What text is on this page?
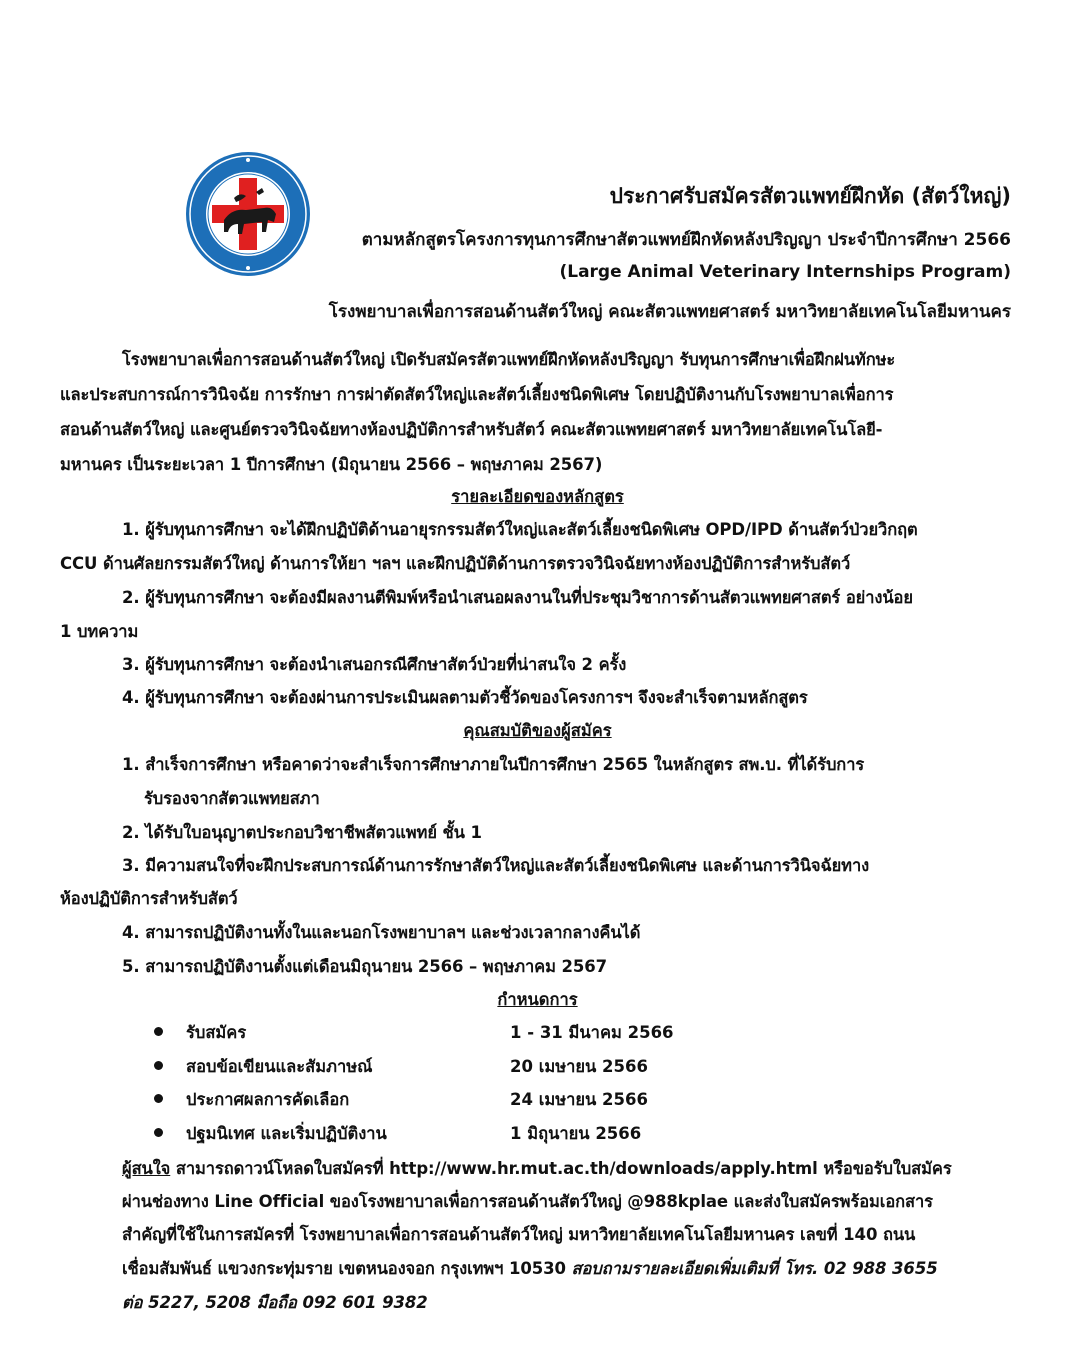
ประกาศรับสมัครสัตวแพทย์ฝึกหัด (สัตว์ใหญ่)
ตามหลักสูตรโครงการทุนการศึกษาสัตวแพทย์ฝึกหัดหลังปริญญา ประจำปีการศึกษา 2566
(Large Animal Veterinary Internships Program)
โรงพยาบาลเพื่อการสอนด้านสัตว์ใหญ่ คณะสัตวแพทยศาสตร์ มหาวิทยาลัยเทคโนโลยีมหานคร
โรงพยาบาลเพื่อการสอนด้านสัตว์ใหญ่ เปิดรับสมัครสัตวแพทย์ฝึกหัดหลังปริญญา รับทุนการศึกษาเพื่อฝึกฝนทักษะ
และประสบการณ์การวินิจฉัย การรักษา การผ่าตัดสัตว์ใหญ่และสัตว์เลี้ยงชนิดพิเศษ โดยปฏิบัติงานกับโรงพยาบาลเพื่อการ
สอนด้านสัตว์ใหญ่ และศูนย์ตรวจวินิจฉัยทางห้องปฏิบัติการสำหรับสัตว์ คณะสัตวแพทยศาสตร์ มหาวิทยาลัยเทคโนโลยี-
มหานคร เป็นระยะเวลา 1 ปีการศึกษา (มิถุนายน 2566 – พฤษภาคม 2567)
รายละเอียดของหลักสูตร
1. ผู้รับทุนการศึกษา จะได้ฝึกปฏิบัติด้านอายุรกรรมสัตว์ใหญ่และสัตว์เลี้ยงชนิดพิเศษ OPD/IPD ด้านสัตว์ป่วยวิกฤต
CCU ด้านศัลยกรรมสัตว์ใหญ่ ด้านการให้ยา ฯลฯ และฝึกปฏิบัติด้านการตรวจวินิจฉัยทางห้องปฏิบัติการสำหรับสัตว์
2. ผู้รับทุนการศึกษา จะต้องมีผลงานตีพิมพ์หรือนำเสนอผลงานในที่ประชุมวิชาการด้านสัตวแพทยศาสตร์ อย่างน้อย
1 บทความ
3. ผู้รับทุนการศึกษา จะต้องนำเสนอกรณีศึกษาสัตว์ป่วยที่น่าสนใจ 2 ครั้ง
4. ผู้รับทุนการศึกษา จะต้องผ่านการประเมินผลตามตัวชี้วัดของโครงการฯ จึงจะสำเร็จตามหลักสูตร
คุณสมบัติของผู้สมัคร
1. สำเร็จการศึกษา หรือคาดว่าจะสำเร็จการศึกษาภายในปีการศึกษา 2565 ในหลักสูตร สพ.บ. ที่ได้รับการ
รับรองจากสัตวแพทยสภา
2. ได้รับใบอนุญาตประกอบวิชาชีพสัตวแพทย์ ชั้น 1
3. มีความสนใจที่จะฝึกประสบการณ์ด้านการรักษาสัตว์ใหญ่และสัตว์เลี้ยงชนิดพิเศษ และด้านการวินิจฉัยทาง
ห้องปฏิบัติการสำหรับสัตว์
4. สามารถปฏิบัติงานทั้งในและนอกโรงพยาบาลฯ และช่วงเวลากลางคืนได้
5. สามารถปฏิบัติงานตั้งแต่เดือนมิถุนายน 2566 – พฤษภาคม 2567
กำหนดการ
รับสมัคร	1 - 31 มีนาคม 2566
สอบข้อเขียนและสัมภาษณ์	20 เมษายน 2566
ประกาศผลการคัดเลือก	24 เมษายน 2566
ปฐมนิเทศ และเริ่มปฏิบัติงาน	1 มิถุนายน 2566
ผู้สนใจ สามารถดาวน์โหลดใบสมัครที่ http://www.hr.mut.ac.th/downloads/apply.html หรือขอรับใบสมัคร
ผ่านช่องทาง Line Official ของโรงพยาบาลเพื่อการสอนด้านสัตว์ใหญ่ @988kplae และส่งใบสมัครพร้อมเอกสาร
สำคัญที่ใช้ในการสมัครที่ โรงพยาบาลเพื่อการสอนด้านสัตว์ใหญ่ มหาวิทยาลัยเทคโนโลยีมหานคร เลขที่ 140 ถนน
เชื่อมสัมพันธ์ แขวงกระทุ่มราย เขตหนองจอก กรุงเทพฯ 10530 สอบถามรายละเอียดเพิ่มเติมที่ โทร. 02 988 3655
ต่อ 5227, 5208 มือถือ 092 601 9382
